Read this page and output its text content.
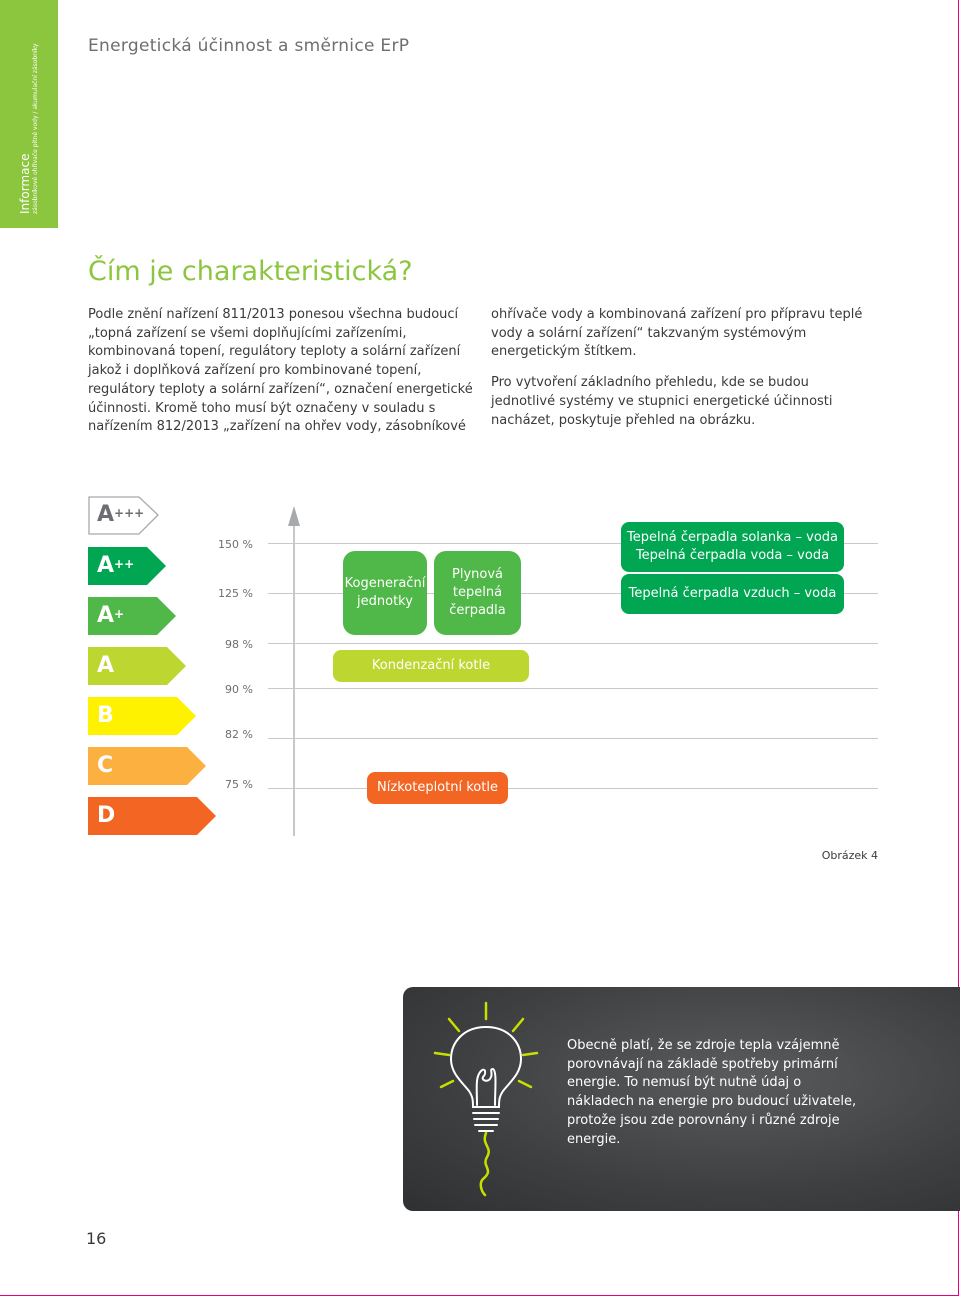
Informace zásobníkové ohřívače pitné vody / akumulační zásobníky	Energetická účinnost a směrnice ErP
Čím je charakteristická?

Podle znění nařízení 811/2013 ponesou všechna budoucí „topná zařízení se všemi doplňujícími zařízeními, kombinovaná topení, regulátory teploty a solární zařízení jakož i doplňková zařízení pro kombinované topení, regulátory teploty a solární zařízení“, označení energetické účinnosti. Kromě toho musí být označeny v souladu s nařízením 812/2013 „zařízení na ohřev vody, zásobníkové

ohřívače vody a kombinovaná zařízení pro přípravu teplé vody a solární zařízení“ takzvaným systémovým energetickým štítkem.

Pro vytvoření základního přehledu, kde se budou jednotlivé systémy ve stupnici energetické účinnosti nacházet, poskytuje přehled na obrázku.

A+++
A++
A+
A
B
C
D
150 %
125 %
98 %
90 %
82 %
75 %
Kogenerační jednotky
Plynová tepelná čerpadla
Tepelná čerpadla solanka – voda
Tepelná čerpadla voda – voda
Tepelná čerpadla vzduch – voda
Kondenzační kotle
Nízkoteplotní kotle
Obrázek 4
Obecně platí, že se zdroje tepla vzájemně porovnávají na základě spotřeby primární energie. To nemusí být nutně údaj o nákladech na energie pro budoucí uživatele, protože jsou zde porovnány i různé zdroje energie.
16
